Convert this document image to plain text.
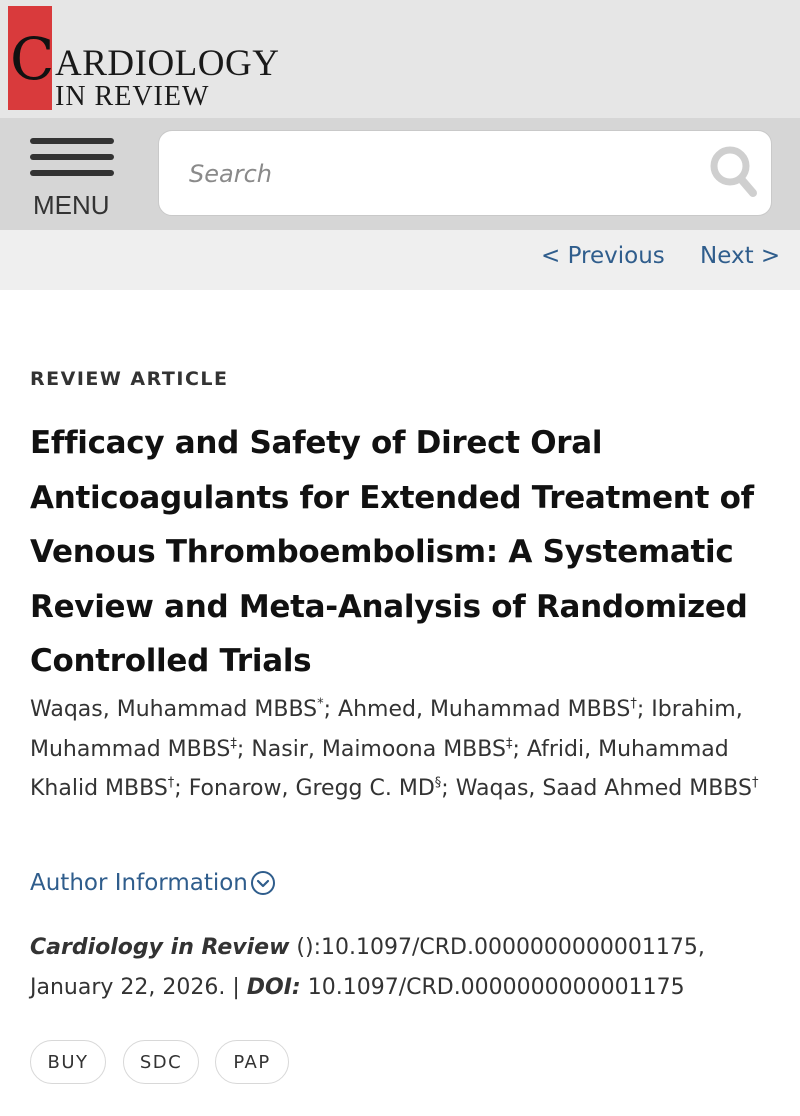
C ARDIOLOGY
IN REVIEW
MENU
Search
< Previous Next >
REVIEW ARTICLE
Efficacy and Safety of Direct Oral Anticoagulants for Extended Treatment of Venous Thromboembolism: A Systematic Review and Meta-Analysis of Randomized Controlled Trials
Waqas, Muhammad MBBS*; Ahmed, Muhammad MBBS†; Ibrahim, Muhammad MBBS‡; Nasir, Maimoona MBBS‡; Afridi, Muhammad Khalid MBBS†; Fonarow, Gregg C. MD§; Waqas, Saad Ahmed MBBS†
Author Information
Cardiology in Review ():10.1097/CRD.0000000000001175, January 22, 2026. | DOI: 10.1097/CRD.0000000000001175
BUY	SDC	PAP
